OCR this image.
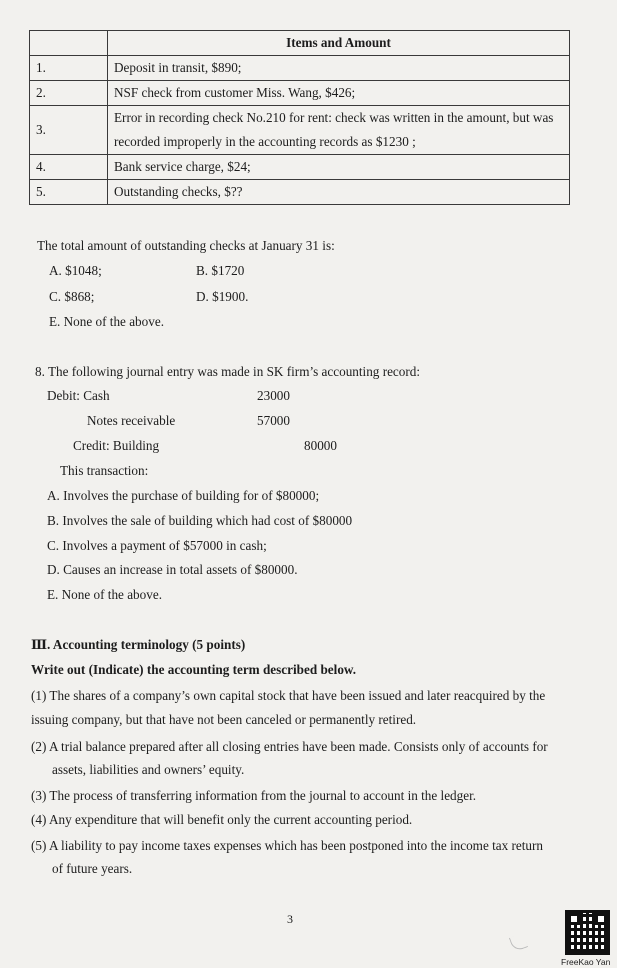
	Items and Amount
1.	Deposit in transit, $890;
2.	NSF check from customer Miss. Wang, $426;
3.	Error in recording check No.210 for rent: check was written in the amount, but was
recorded improperly in the accounting records as $1230 ;

4.	Bank service charge, $24;
5.	Outstanding checks, $??
The total amount of outstanding checks at January 31 is:
A. $1048;	B. $1720
C. $868;	D. $1900.
E. None of the above.
8. The following journal entry was made in SK firm’s accounting record:
Debit: Cash	23000
Notes receivable	57000
Credit: Building	80000
This transaction:
A. Involves the purchase of building for of $80000;
B. Involves the sale of building which had cost of $80000
C. Involves a payment of $57000 in cash;
D. Causes an increase in total assets of $80000.
E. None of the above.
Ⅲ. Accounting terminology (5 points)
Write out (Indicate) the accounting term described below.
(1) The shares of a company’s own capital stock that have been issued and later reacquired by the
issuing company, but that have not been canceled or permanently retired.
(2) A trial balance prepared after all closing entries have been made. Consists only of accounts for
assets, liabilities and owners’ equity.
(3) The process of transferring information from the journal to account in the ledger.
(4) Any expenditure that will benefit only the current accounting period.
(5) A liability to pay income taxes expenses which has been postponed into the income tax return
of future years.
3
FreeKao Yan
